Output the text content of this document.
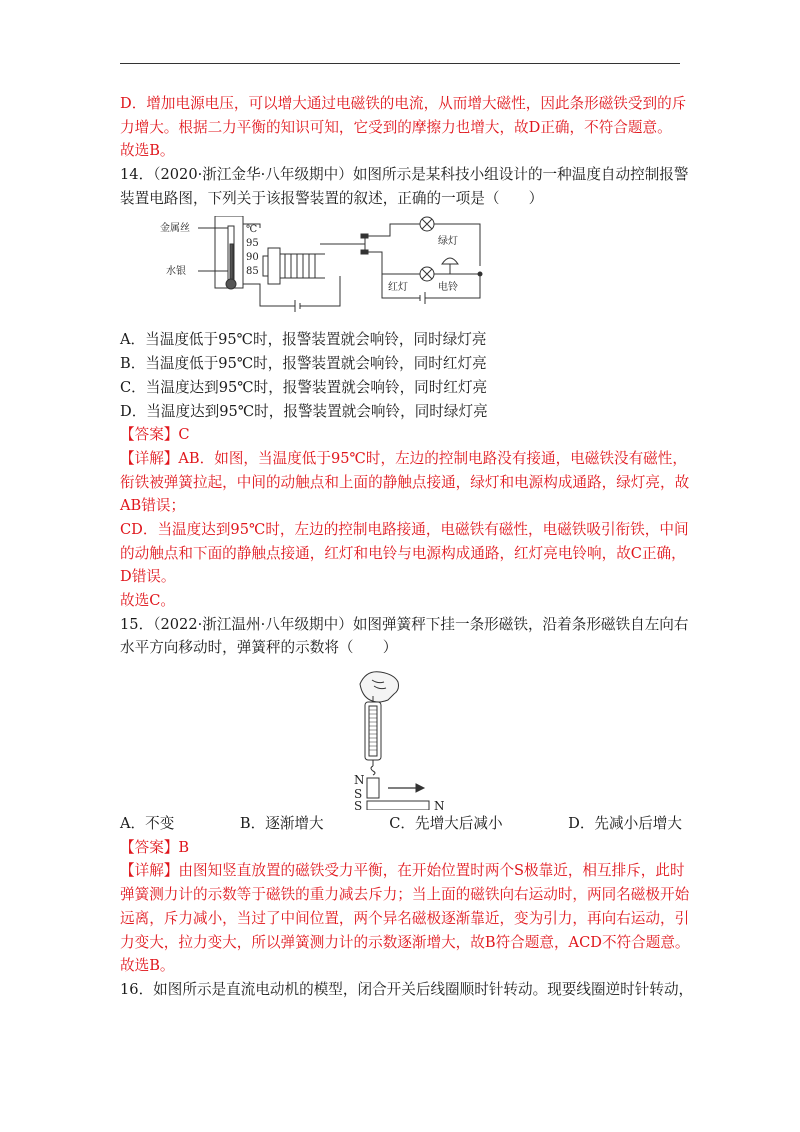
D．增加电源电压，可以增大通过电磁铁的电流，从而增大磁性，因此条形磁铁受到的斥
力增大。根据二力平衡的知识可知，它受到的摩擦力也增大，故D正确，不符合题意。
故选B。
14．（2020·浙江金华·八年级期中）如图所示是某科技小组设计的一种温度自动控制报警
装置电路图，下列关于该报警装置的叙述，正确的一项是（　　）
金属丝
水银
℃
95
90
85
绿灯
红灯	电铃
A．当温度低于95℃时，报警装置就会响铃，同时绿灯亮
B．当温度低于95℃时，报警装置就会响铃，同时红灯亮
C．当温度达到95℃时，报警装置就会响铃，同时红灯亮
D．当温度达到95℃时，报警装置就会响铃，同时绿灯亮
【答案】C
【详解】AB．如图，当温度低于95℃时，左边的控制电路没有接通，电磁铁没有磁性，
衔铁被弹簧拉起，中间的动触点和上面的静触点接通，绿灯和电源构成通路，绿灯亮，故
AB错误；
CD．当温度达到95℃时，左边的控制电路接通，电磁铁有磁性，电磁铁吸引衔铁，中间
的动触点和下面的静触点接通，红灯和电铃与电源构成通路，红灯亮电铃响，故C正确，
D错误。
故选C。
15．（2022·浙江温州·八年级期中）如图弹簧秤下挂一条形磁铁，沿着条形磁铁自左向右
水平方向移动时，弹簧秤的示数将（　　）
N
S
S	N
A．不变	B．逐渐增大	C．先增大后减小	D．先减小后增大
【答案】B
【详解】由图知竖直放置的磁铁受力平衡，在开始位置时两个S极靠近，相互排斥，此时
弹簧测力计的示数等于磁铁的重力减去斥力；当上面的磁铁向右运动时，两同名磁极开始
远离，斥力减小，当过了中间位置，两个异名磁极逐渐靠近，变为引力，再向右运动，引
力变大，拉力变大，所以弹簧测力计的示数逐渐增大，故B符合题意，ACD不符合题意。
故选B。
16．如图所示是直流电动机的模型，闭合开关后线圈顺时针转动。现要线圈逆时针转动，
